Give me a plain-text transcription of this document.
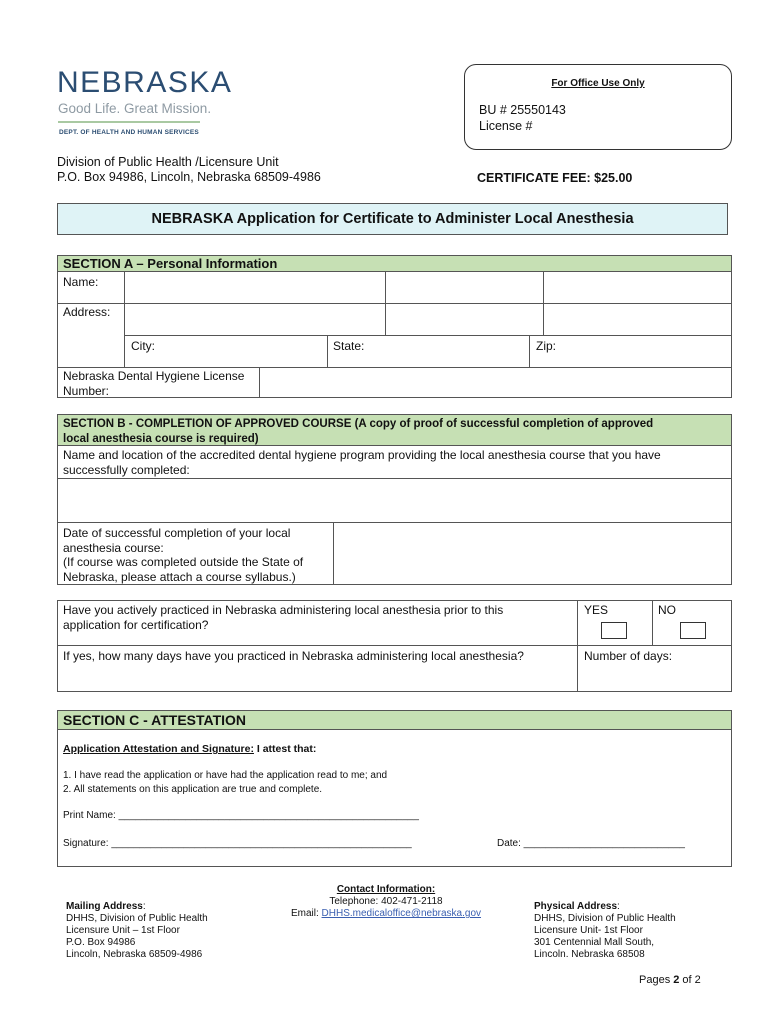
NEBRASKA
Good Life. Great Mission.
DEPT. OF HEALTH AND HUMAN SERVICES
For Office Use Only
BU # 25550143
License #
Division of Public Health /Licensure Unit
P.O. Box 94986, Lincoln, Nebraska 68509-4986	CERTIFICATE FEE: $25.00
NEBRASKA Application for Certificate to Administer Local Anesthesia
SECTION A – Personal Information
Name:
Address:
City:	State:	Zip:
Nebraska Dental Hygiene License
Number:
SECTION B - COMPLETION OF APPROVED COURSE (A copy of proof of successful completion of approved
local anesthesia course is required)
Name and location of the accredited dental hygiene program providing the local anesthesia course that you have
successfully completed:
Date of successful completion of your local
anesthesia course:
(If course was completed outside the State of
Nebraska, please attach a course syllabus.)
Have you actively practiced in Nebraska administering local anesthesia prior to this
application for certification?
YES	NO
If yes, how many days have you practiced in Nebraska administering local anesthesia?	Number of days:
SECTION C - ATTESTATION
Application Attestation and Signature: I attest that:
1. I have read the application or have had the application read to me; and
2. All statements on this application are true and complete.
Print Name: ______________________________________________________
Signature: ______________________________________________________	Date: _____________________________
Mailing Address:
DHHS, Division of Public Health
Licensure Unit – 1st Floor
P.O. Box 94986
Lincoln, Nebraska 68509-4986
Contact Information:
Telephone: 402-471-2118
Email: DHHS.medicaloffice@nebraska.gov
Physical Address:
DHHS, Division of Public Health
Licensure Unit- 1st Floor
301 Centennial Mall South,
Lincoln. Nebraska 68508
Pages 2 of 2
